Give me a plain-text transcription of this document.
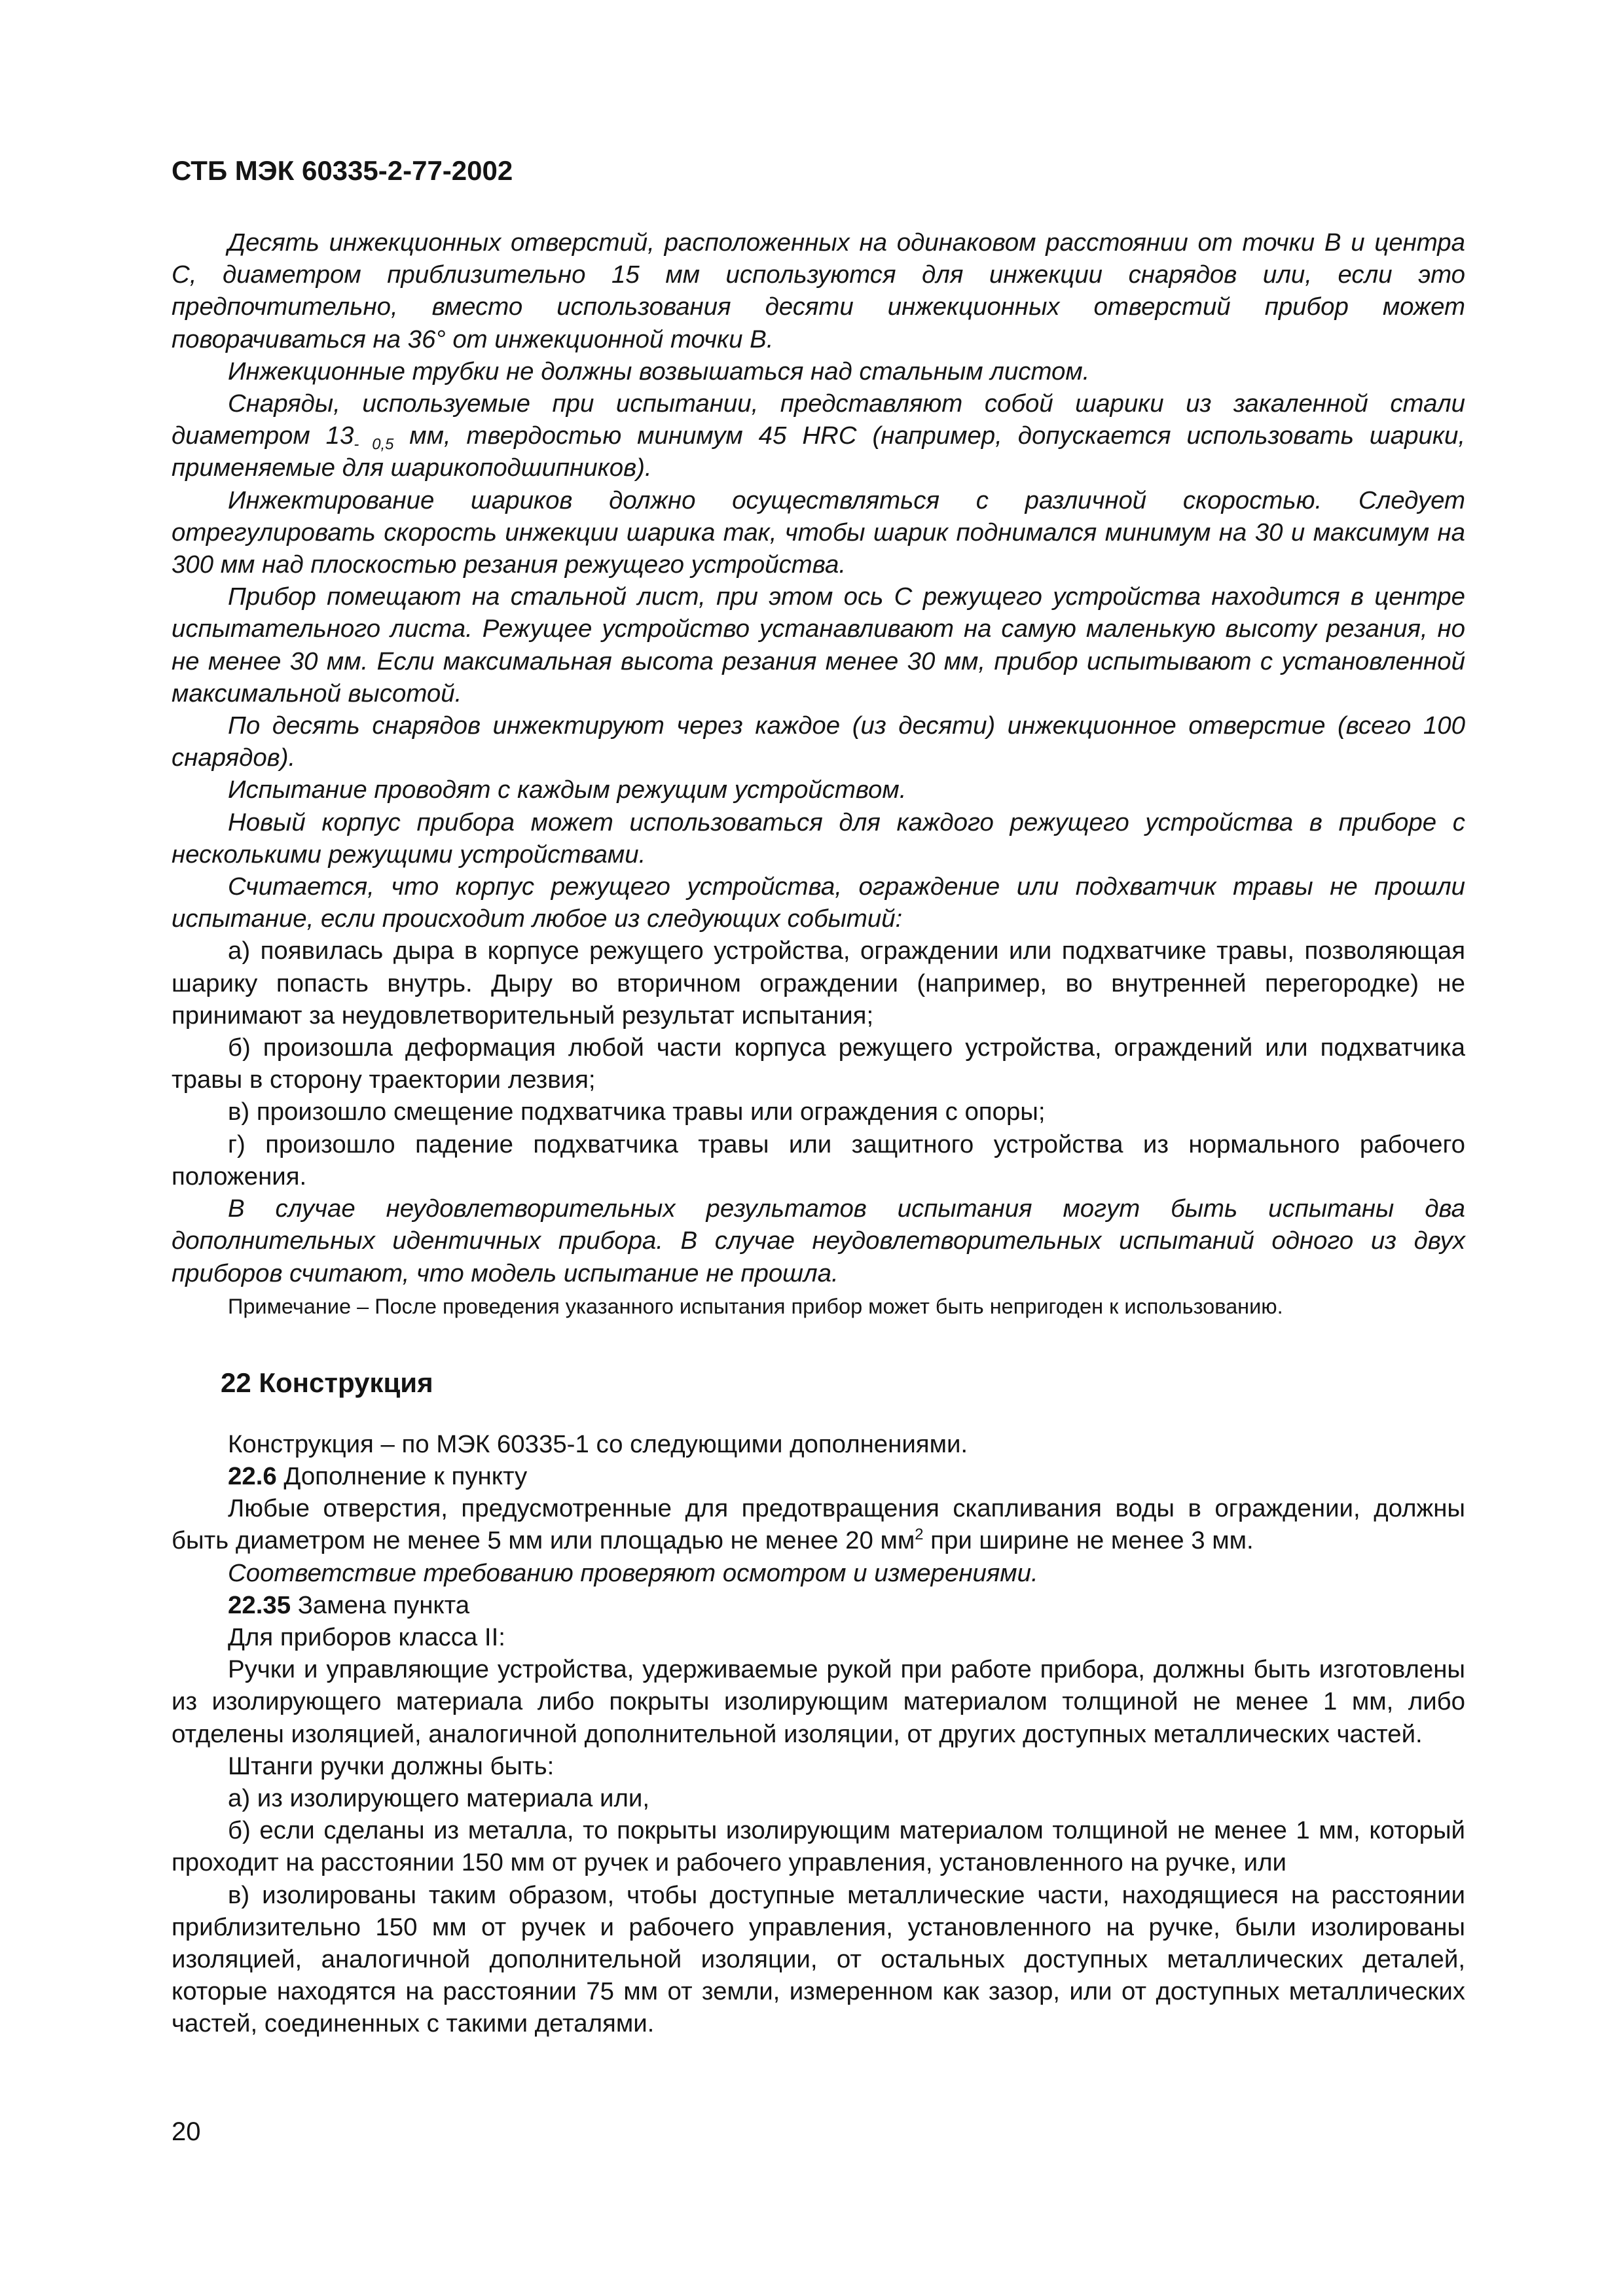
СТБ МЭК 60335-2-77-2002

Десять инжекционных отверстий, расположенных на одинаковом расстоянии от точки В и центра С, диаметром приблизительно 15 мм используются для инжекции снарядов или, если это предпочтительно, вместо использования десяти инжекционных отверстий прибор может поворачиваться на 36° от инжекционной точки В.

Инжекционные трубки не должны возвышаться над стальным листом.

Снаряды, используемые при испытании, представляют собой шарики из закаленной стали диаметром $13_{- 0,5}$ мм, твердостью минимум 45 HRC (например, допускается использовать шарики, применяемые для шарикоподшипников).

Инжектирование шариков должно осуществляться с различной скоростью. Следует отрегулировать скорость инжекции шарика так, чтобы шарик поднимался минимум на 30 и максимум на 300 мм над плоскостью резания режущего устройства.

Прибор помещают на стальной лист, при этом ось С режущего устройства находится в центре испытательного листа. Режущее устройство устанавливают на самую маленькую высоту резания, но не менее 30 мм. Если максимальная высота резания менее 30 мм, прибор испытывают с установленной максимальной высотой.

По десять снарядов инжектируют через каждое (из десяти) инжекционное отверстие (всего 100 снарядов).

Испытание проводят с каждым режущим устройством.

Новый корпус прибора может использоваться для каждого режущего устройства в приборе с несколькими режущими устройствами.

Считается, что корпус режущего устройства, ограждение или подхватчик травы не прошли испытание, если происходит любое из следующих событий:

а) появилась дыра в корпусе режущего устройства, ограждении или подхватчике травы, позволяющая шарику попасть внутрь. Дыру во вторичном ограждении (например, во внутренней перегородке) не принимают за неудовлетворительный результат испытания;

б) произошла деформация любой части корпуса режущего устройства, ограждений или подхватчика травы в сторону траектории лезвия;

в) произошло смещение подхватчика травы или ограждения с опоры;

г) произошло падение подхватчика травы или защитного устройства из нормального рабочего положения.

В случае неудовлетворительных результатов испытания могут быть испытаны два дополнительных идентичных прибора. В случае неудовлетворительных испытаний одного из двух приборов считают, что модель испытание не прошла.

Примечание – После проведения указанного испытания прибор может быть непригоден к использованию.

22 Конструкция

Конструкция – по МЭК 60335-1 со следующими дополнениями.

22.6 Дополнение к пункту

Любые отверстия, предусмотренные для предотвращения скапливания воды в ограждении, должны быть диаметром не менее 5 мм или площадью не менее 20 $мм^2$ при ширине не менее 3 мм.

Соответствие требованию проверяют осмотром и измерениями.

22.35 Замена пункта

Для приборов класса II:

Ручки и управляющие устройства, удерживаемые рукой при работе прибора, должны быть изготовлены из изолирующего материала либо покрыты изолирующим материалом толщиной не менее 1 мм, либо отделены изоляцией, аналогичной дополнительной изоляции, от других доступных металлических частей.

Штанги ручки должны быть:

а) из изолирующего материала или,

б) если сделаны из металла, то покрыты изолирующим материалом толщиной не менее 1 мм, который проходит на расстоянии 150 мм от ручек и рабочего управления, установленного на ручке, или

в) изолированы таким образом, чтобы доступные металлические части, находящиеся на расстоянии приблизительно 150 мм от ручек и рабочего управления, установленного на ручке, были изолированы изоляцией, аналогичной дополнительной изоляции, от остальных доступных металлических деталей, которые находятся на расстоянии 75 мм от земли, измеренном как зазор, или от доступных металлических частей, соединенных с такими деталями.

20
